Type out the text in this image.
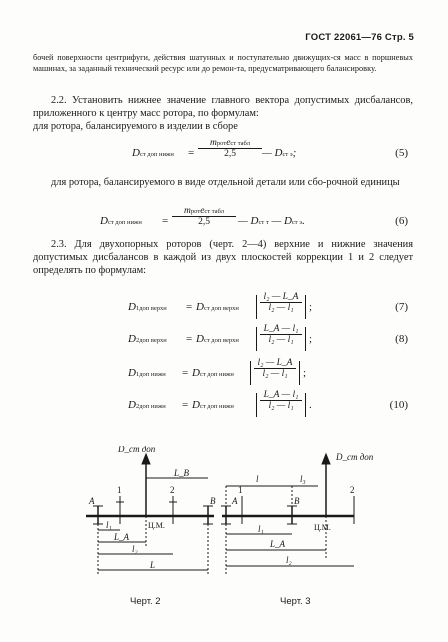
ГОСТ 22061—76 Стр. 5
бочей поверхности центрифуги, действия шатунных и поступательно движущих-ся масс в поршневых машинах, за заданный технический ресурс или до ремон-та, предусматривающего балансировку.
2.2. Установить нижнее значение главного вектора допустимых дисбалансов, приложенного к центру масс ротора, по формулам:
для ротора, балансируемого в изделии в сборе
Dст доп нижн =
mротeст табл
2,5	— Dст э;	(5)
для ротора, балансируемого в виде отдельной детали или сбо-рочной единицы
Dст доп нижн =
mротeст табл
2,5	— Dст т — Dст э.	(6)
2.3. Для двухопорных роторов (черт. 2—4) верхние и нижние значения допустимых дисбалансов в каждой из двух плоскостей коррекции 1 и 2 следует определять по формулам:
D1доп верхн = Dст доп верхн
l₂ — L_A
l₂ — l₁	;	(7)
D2доп верхн = Dст доп верхн
L_A — l₁
l₂ — l₁	;	(8)
D1доп нижн = Dст доп нижн
l₂ — L_A
l₂ — l₁	;
D2доп нижн = Dст доп нижн
L_A — l₁
l₂ — l₁	.	(10)
D_ст доп
A	B
1	2
Ц.М.
l₁
L_A
l₂
L_B
L
Черт. 2
D_ст доп
A	B
1	2
Ц.М.
l	l₃
l₁
L_A
l₂
Черт. 3
